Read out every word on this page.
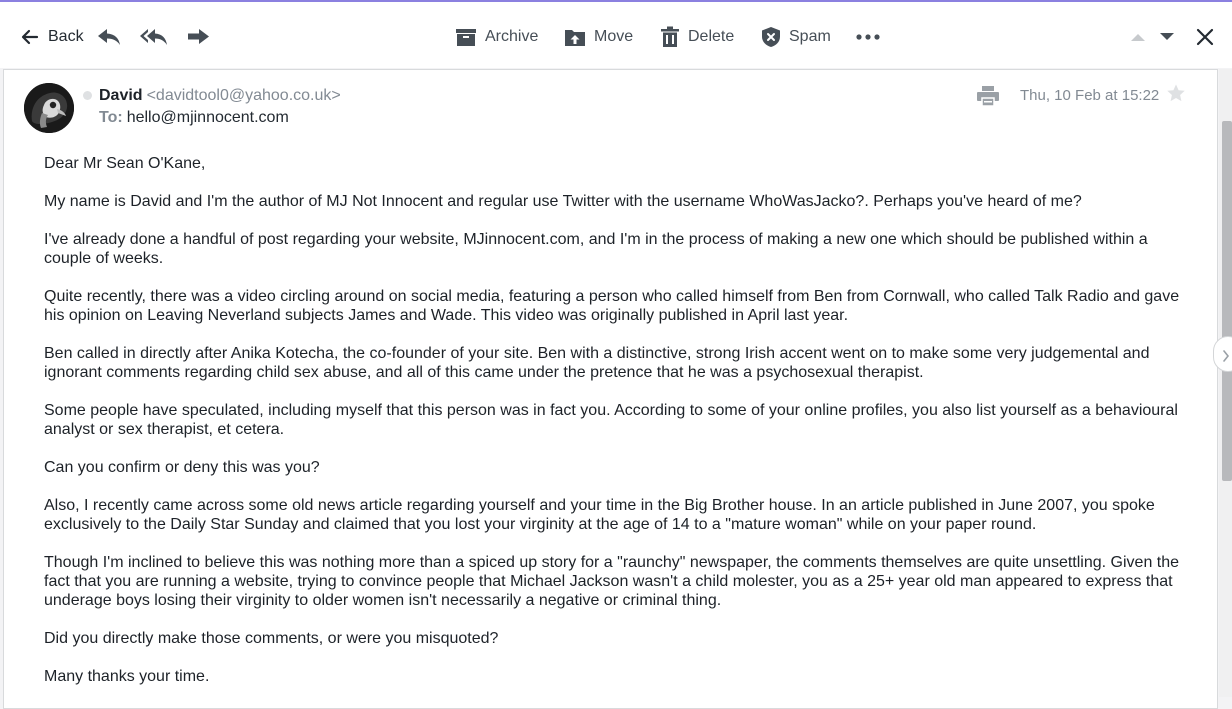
Back	Archive	Move	Delete	Spam
David <davidtool0@yahoo.co.uk>
To: hello@mjinnocent.com
Thu, 10 Feb at 15:22

Dear Mr Sean O'Kane,

My name is David and I'm the author of MJ Not Innocent and regular use Twitter with the username WhoWasJacko?. Perhaps you've heard of me?

I've already done a handful of post regarding your website, MJinnocent.com, and I'm in the process of making a new one which should be published within a couple of weeks.

Quite recently, there was a video circling around on social media, featuring a person who called himself from Ben from Cornwall, who called Talk Radio and gave his opinion on Leaving Neverland subjects James and Wade. This video was originally published in April last year.

Ben called in directly after Anika Kotecha, the co-founder of your site. Ben with a distinctive, strong Irish accent went on to make some very judgemental and ignorant comments regarding child sex abuse, and all of this came under the pretence that he was a psychosexual therapist.

Some people have speculated, including myself that this person was in fact you. According to some of your online profiles, you also list yourself as a behavioural analyst or sex therapist, et cetera.

Can you confirm or deny this was you?

Also, I recently came across some old news article regarding yourself and your time in the Big Brother house. In an article published in June 2007, you spoke exclusively to the Daily Star Sunday and claimed that you lost your virginity at the age of 14 to a "mature woman" while on your paper round.

Though I'm inclined to believe this was nothing more than a spiced up story for a "raunchy" newspaper, the comments themselves are quite unsettling. Given the fact that you are running a website, trying to convince people that Michael Jackson wasn't a child molester, you as a 25+ year old man appeared to express that underage boys losing their virginity to older women isn't necessarily a negative or criminal thing.

Did you directly make those comments, or were you misquoted?

Many thanks your time.
